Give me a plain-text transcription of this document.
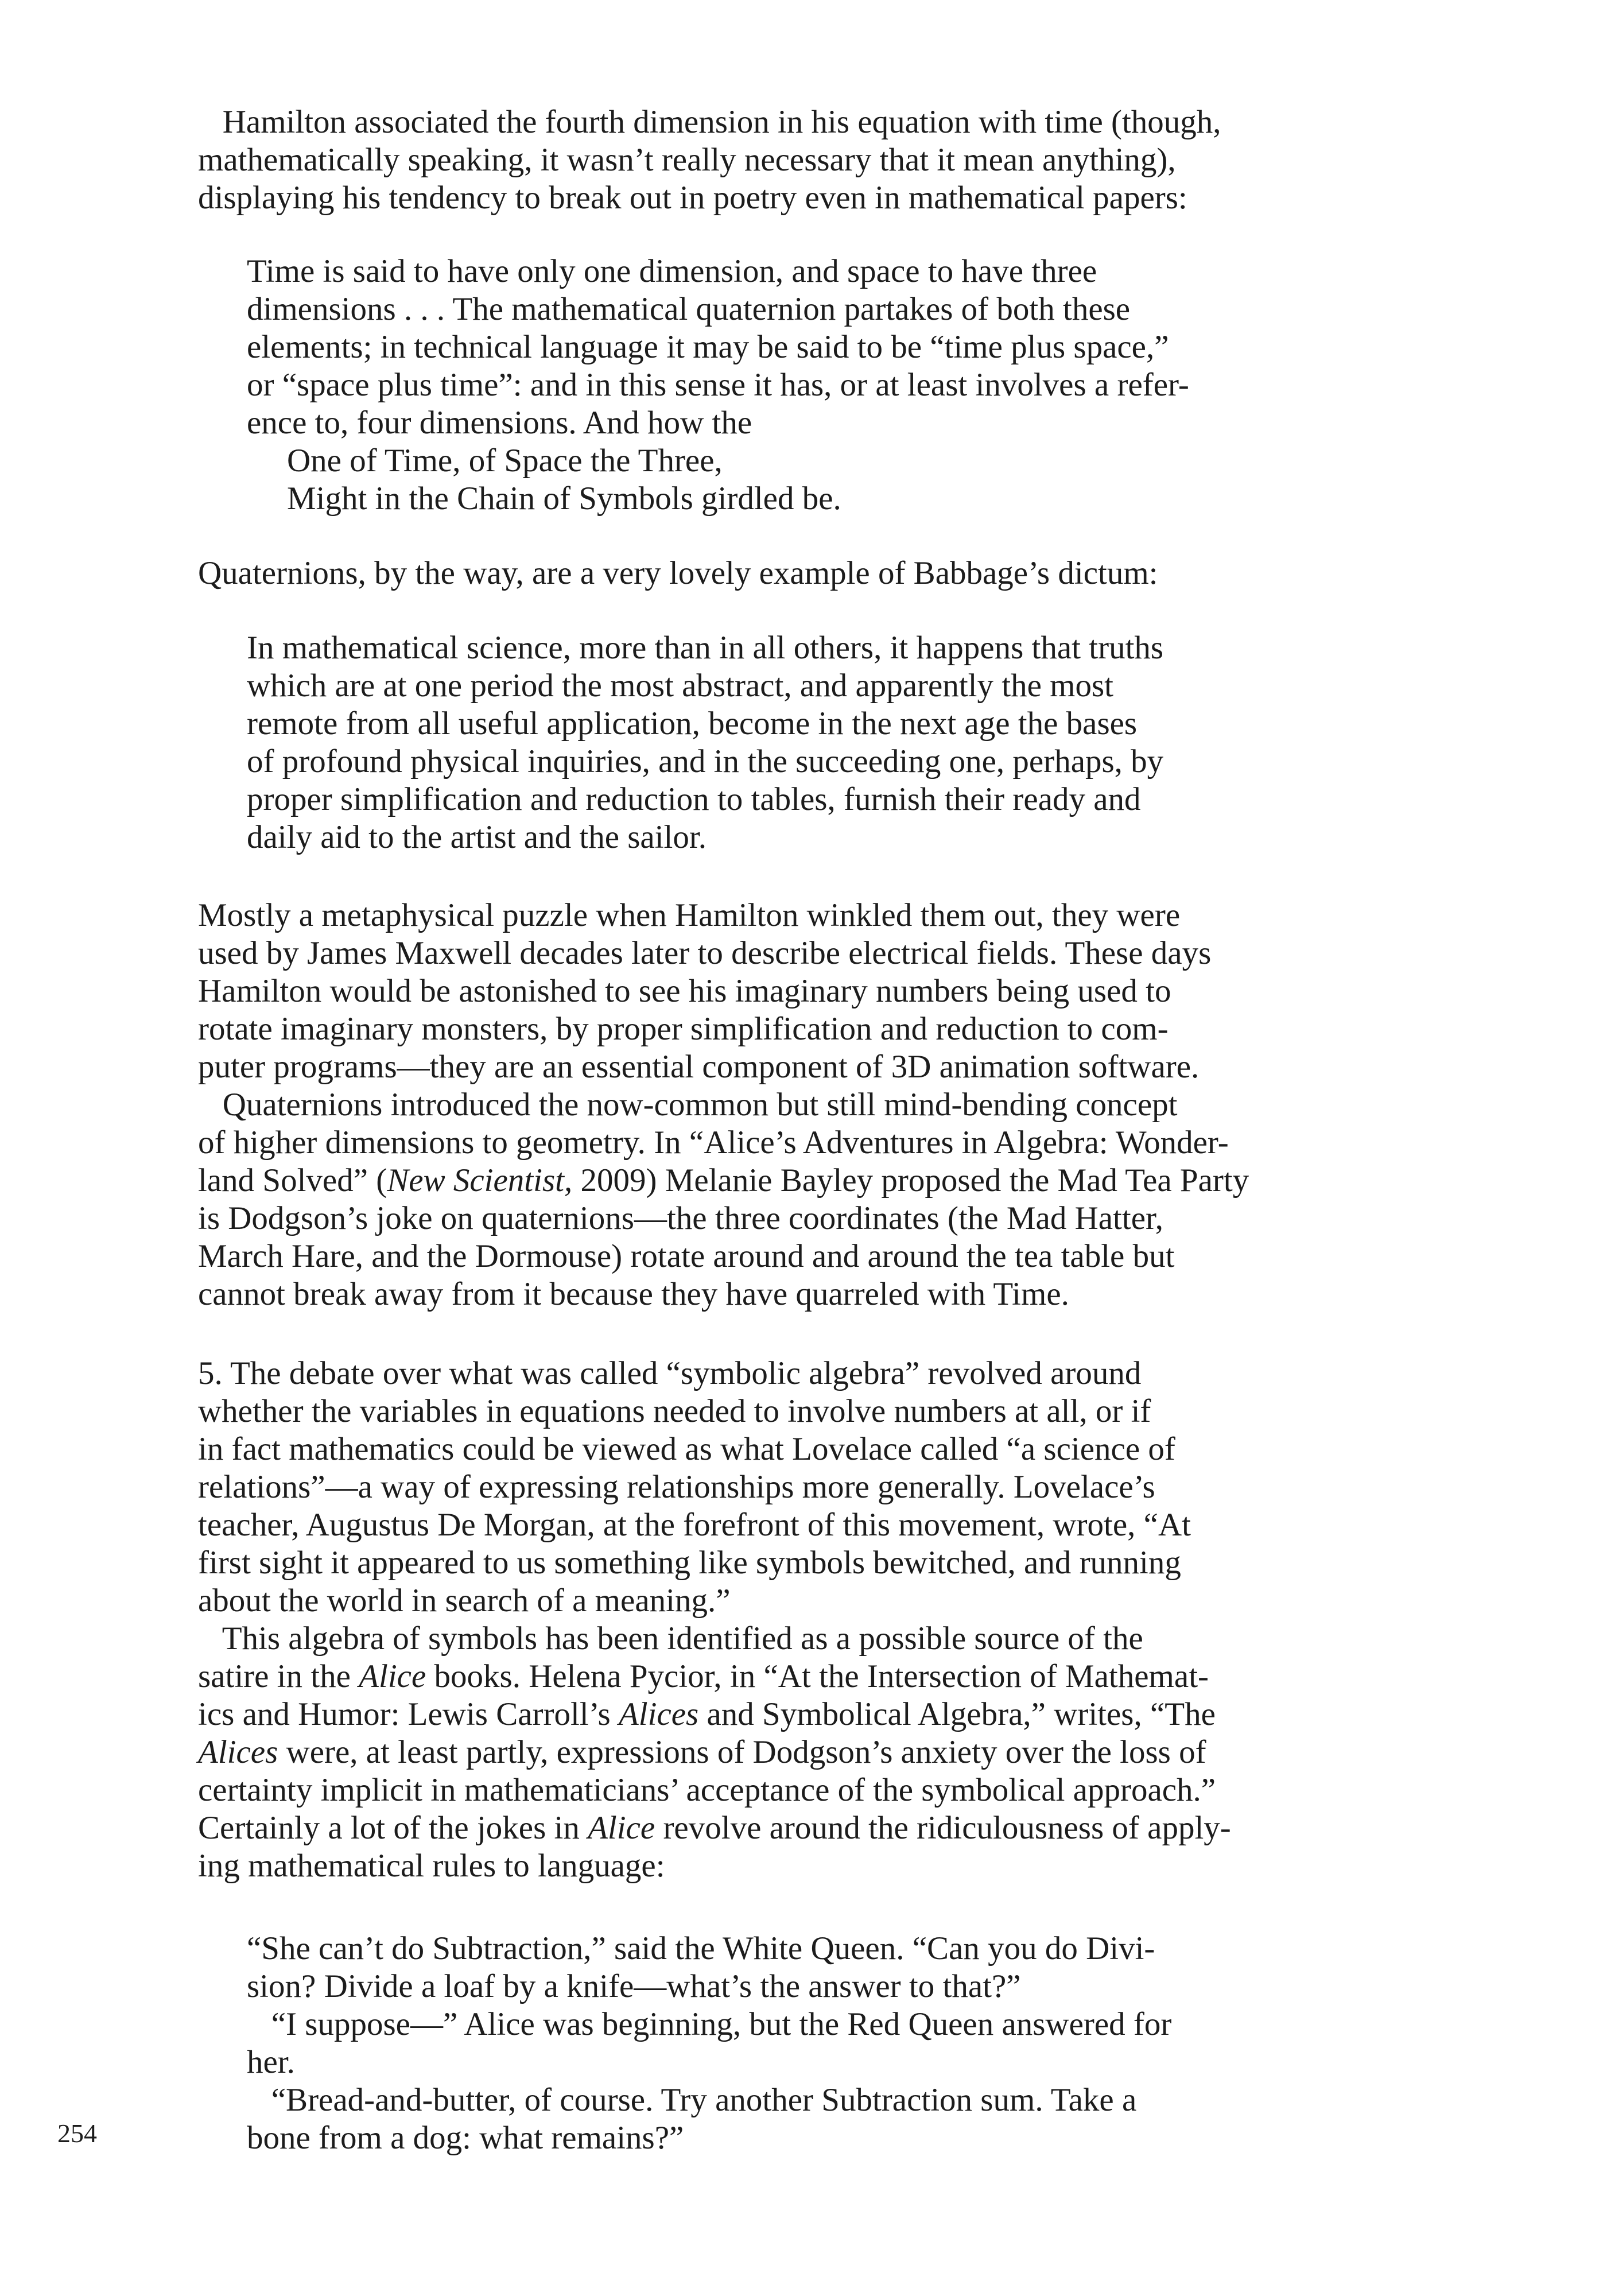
Hamilton associated the fourth dimension in his equation with time (though,
mathematically speaking, it wasn’t really necessary that it mean anything),
displaying his tendency to break out in poetry even in mathematical papers:

Time is said to have only one dimension, and space to have three
dimensions . . . The mathematical quaternion partakes of both these
elements; in technical language it may be said to be “time plus space,”
or “space plus time”: and in this sense it has, or at least involves a refer-
ence to, four dimensions. And how the
One of Time, of Space the Three,
Might in the Chain of Symbols girdled be.

Quaternions, by the way, are a very lovely example of Babbage’s dictum:

In mathematical science, more than in all others, it happens that truths
which are at one period the most abstract, and apparently the most
remote from all useful application, become in the next age the bases
of profound physical inquiries, and in the succeeding one, perhaps, by
proper simplification and reduction to tables, furnish their ready and
daily aid to the artist and the sailor.

Mostly a metaphysical puzzle when Hamilton winkled them out, they were
used by James Maxwell decades later to describe electrical fields. These days
Hamilton would be astonished to see his imaginary numbers being used to
rotate imaginary monsters, by proper simplification and reduction to com-
puter programs—they are an essential component of 3D animation software.

Quaternions introduced the now-common but still mind-bending concept
of higher dimensions to geometry. In “Alice’s Adventures in Algebra: Wonder-
land Solved” (New Scientist, 2009) Melanie Bayley proposed the Mad Tea Party
is Dodgson’s joke on quaternions—the three coordinates (the Mad Hatter,
March Hare, and the Dormouse) rotate around and around the tea table but
cannot break away from it because they have quarreled with Time.

5. The debate over what was called “symbolic algebra” revolved around
whether the variables in equations needed to involve numbers at all, or if
in fact mathematics could be viewed as what Lovelace called “a science of
relations”—a way of expressing relationships more generally. Lovelace’s
teacher, Augustus De Morgan, at the forefront of this movement, wrote, “At
first sight it appeared to us something like symbols bewitched, and running
about the world in search of a meaning.”

This algebra of symbols has been identified as a possible source of the
satire in the Alice books. Helena Pycior, in “At the Intersection of Mathemat-
ics and Humor: Lewis Carroll’s Alices and Symbolical Algebra,” writes, “The
Alices were, at least partly, expressions of Dodgson’s anxiety over the loss of
certainty implicit in mathematicians’ acceptance of the symbolical approach.”
Certainly a lot of the jokes in Alice revolve around the ridiculousness of apply-
ing mathematical rules to language:

“She can’t do Subtraction,” said the White Queen. “Can you do Divi-
sion? Divide a loaf by a knife—what’s the answer to that?”
“I suppose—” Alice was beginning, but the Red Queen answered for
her.
“Bread-and-butter, of course. Try another Subtraction sum. Take a
bone from a dog: what remains?”
254
